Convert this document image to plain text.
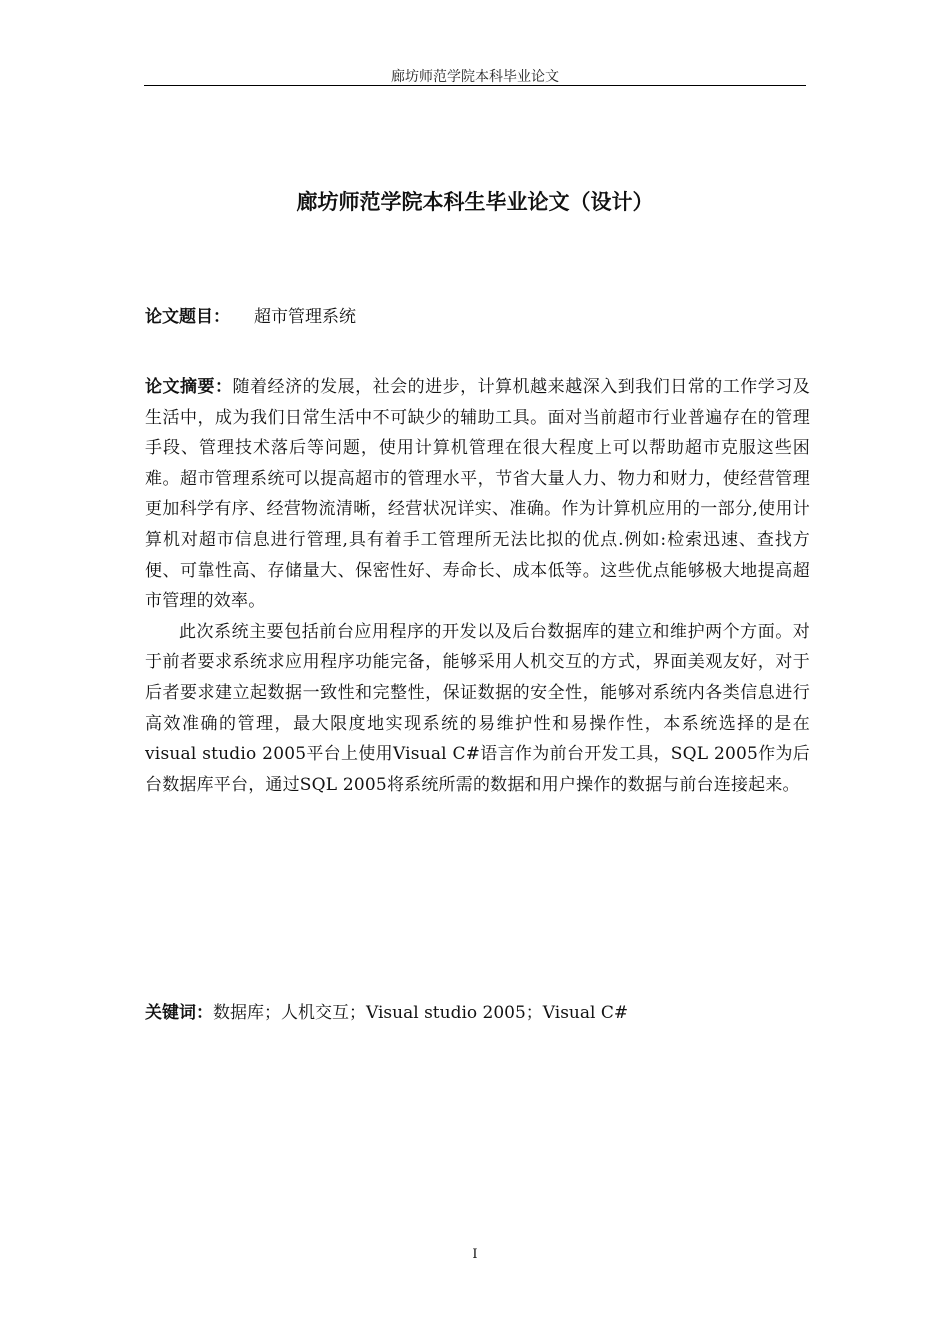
廊坊师范学院本科毕业论文
廊坊师范学院本科生毕业论文（设计）
论文题目： 超市管理系统

论文摘要：随着经济的发展，社会的进步，计算机越来越深入到我们日常的工作学习及生活中，成为我们日常生活中不可缺少的辅助工具。面对当前超市行业普遍存在的管理手段、管理技术落后等问题，使用计算机管理在很大程度上可以帮助超市克服这些困难。超市管理系统可以提高超市的管理水平，节省大量人力、物力和财力，使经营管理更加科学有序、经营物流清晰，经营状况详实、准确。作为计算机应用的一部分,使用计算机对超市信息进行管理,具有着手工管理所无法比拟的优点.例如:检索迅速、查找方便、可靠性高、存储量大、保密性好、寿命长、成本低等。这些优点能够极大地提高超市管理的效率。

此次系统主要包括前台应用程序的开发以及后台数据库的建立和维护两个方面。对于前者要求系统求应用程序功能完备，能够采用人机交互的方式，界面美观友好，对于后者要求建立起数据一致性和完整性，保证数据的安全性，能够对系统内各类信息进行高效准确的管理，最大限度地实现系统的易维护性和易操作性，本系统选择的是在visual studio 2005平台上使用Visual C#语言作为前台开发工具，SQL 2005作为后台数据库平台，通过SQL 2005将系统所需的数据和用户操作的数据与前台连接起来。

关键词：数据库；人机交互；Visual studio 2005；Visual C#
I
